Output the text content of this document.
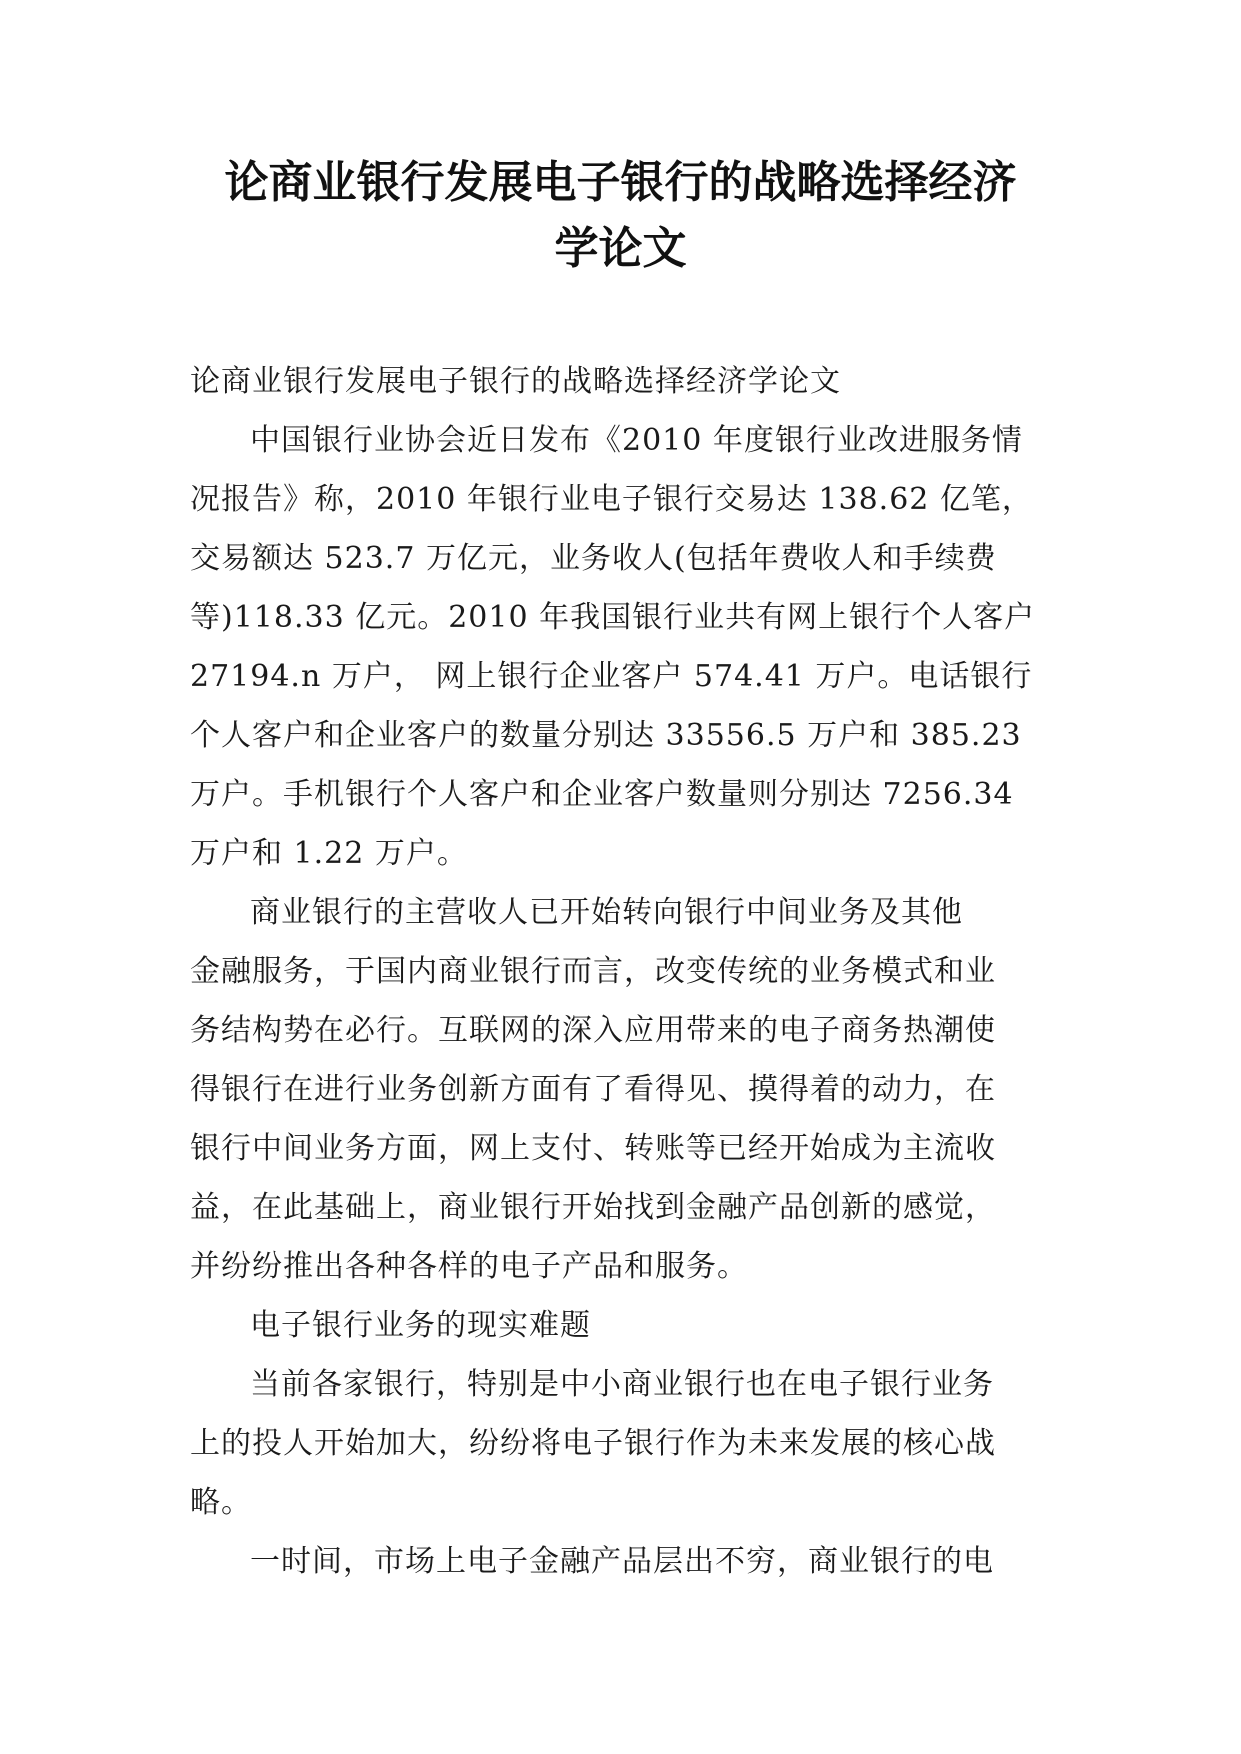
论商业银行发展电子银行的战略选择经济
学论文

论商业银行发展电子银行的战略选择经济学论文

中国银行业协会近日发布《2010 年度银行业改进服务情
况报告》称，2010 年银行业电子银行交易达 138.62 亿笔，
交易额达 523.7 万亿元，业务收人(包括年费收人和手续费
等)118.33 亿元。2010 年我国银行业共有网上银行个人客户
27194.n 万户， 网上银行企业客户 574.41 万户。电话银行
个人客户和企业客户的数量分别达 33556.5 万户和 385.23
万户。手机银行个人客户和企业客户数量则分别达 7256.34
万户和 1.22 万户。

商业银行的主营收人已开始转向银行中间业务及其他
金融服务，于国内商业银行而言，改变传统的业务模式和业
务结构势在必行。互联网的深入应用带来的电子商务热潮使
得银行在进行业务创新方面有了看得见、摸得着的动力，在
银行中间业务方面，网上支付、转账等已经开始成为主流收
益，在此基础上，商业银行开始找到金融产品创新的感觉，
并纷纷推出各种各样的电子产品和服务。

电子银行业务的现实难题

当前各家银行，特别是中小商业银行也在电子银行业务
上的投人开始加大，纷纷将电子银行作为未来发展的核心战
略。

一时间，市场上电子金融产品层出不穷，商业银行的电
